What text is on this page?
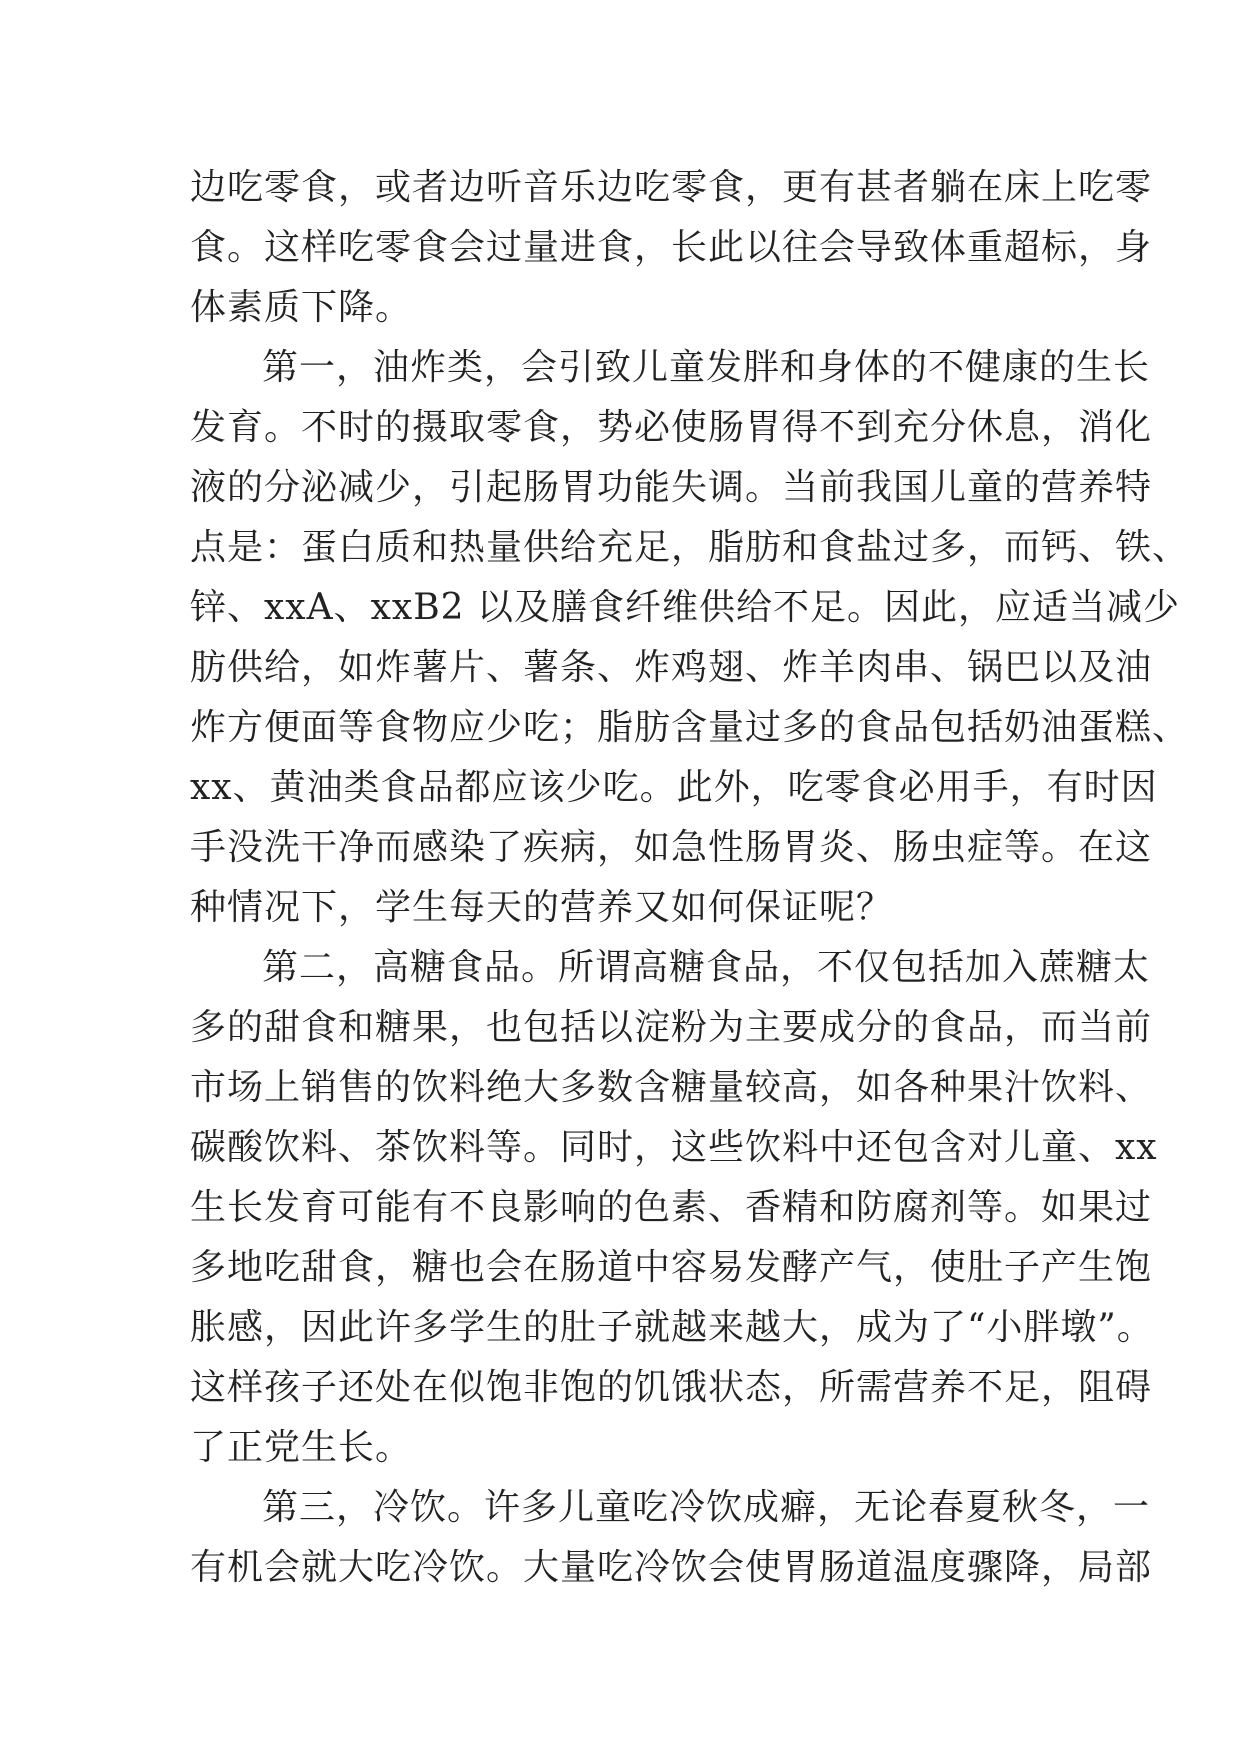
边吃零食，或者边听音乐边吃零食，更有甚者躺在床上吃零
食。这样吃零食会过量进食，长此以往会导致体重超标，身
体素质下降。
第一，油炸类，会引致儿童发胖和身体的不健康的生长
发育。不时的摄取零食，势必使肠胃得不到充分休息，消化
液的分泌减少，引起肠胃功能失调。当前我国儿童的营养特
点是：蛋白质和热量供给充足，脂肪和食盐过多，而钙、铁、
锌、xxA、xxB2 以及膳食纤维供给不足。因此，应适当减少
肪供给，如炸薯片、薯条、炸鸡翅、炸羊肉串、锅巴以及油
炸方便面等食物应少吃；脂肪含量过多的食品包括奶油蛋糕、
xx、黄油类食品都应该少吃。此外，吃零食必用手，有时因
手没洗干净而感染了疾病，如急性肠胃炎、肠虫症等。在这
种情况下，学生每天的营养又如何保证呢？
第二，高糖食品。所谓高糖食品，不仅包括加入蔗糖太
多的甜食和糖果，也包括以淀粉为主要成分的食品，而当前
市场上销售的饮料绝大多数含糖量较高，如各种果汁饮料、
碳酸饮料、茶饮料等。同时，这些饮料中还包含对儿童、xx
生长发育可能有不良影响的色素、香精和防腐剂等。如果过
多地吃甜食，糖也会在肠道中容易发酵产气，使肚子产生饱
胀感，因此许多学生的肚子就越来越大，成为了“小胖墩”。
这样孩子还处在似饱非饱的饥饿状态，所需营养不足，阻碍
了正党生长。
第三，冷饮。许多儿童吃冷饮成癖，无论春夏秋冬，一
有机会就大吃冷饮。大量吃冷饮会使胃肠道温度骤降，局部
